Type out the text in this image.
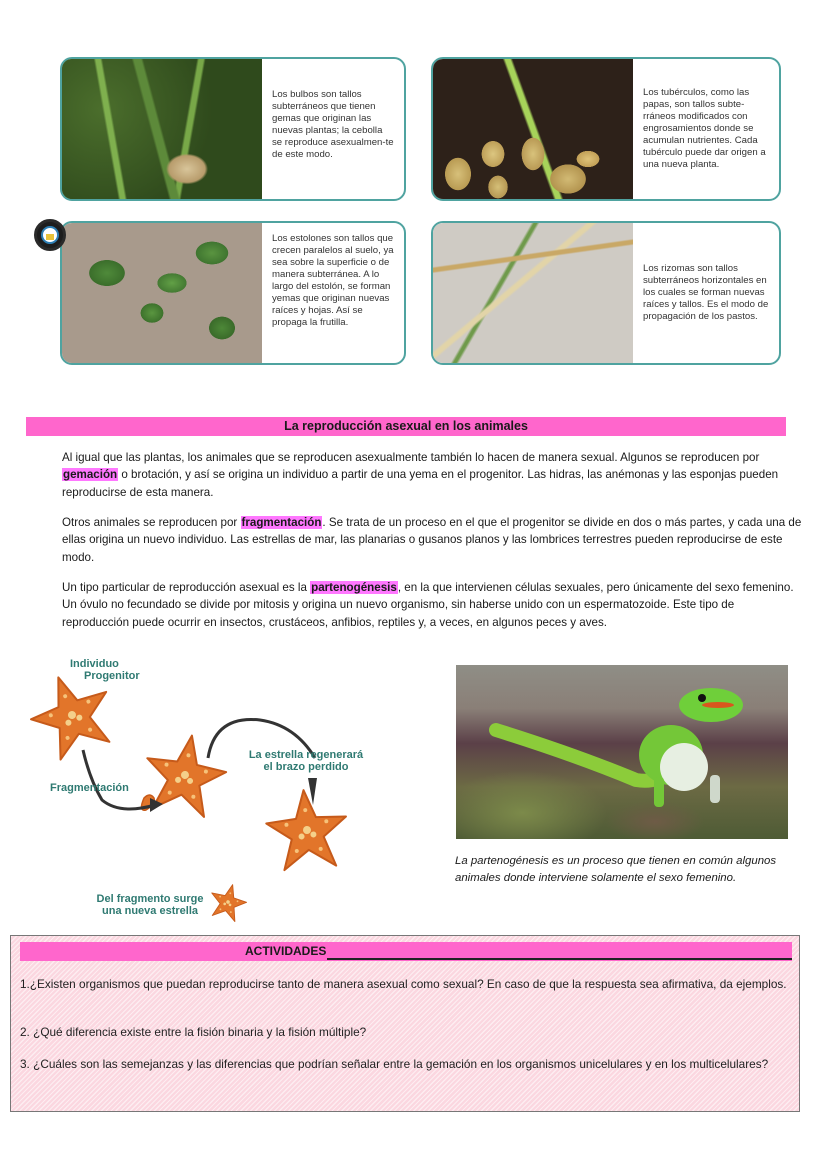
Los bulbos son tallos subterráneos que tienen gemas que originan las nuevas plantas; la cebolla se reproduce asexualmen-te de este modo.
Los tubérculos, como las papas, son tallos subte-rráneos modificados con engrosamientos donde se acumulan nutrientes. Cada tubérculo puede dar origen a una nueva planta.
Los estolones son tallos que crecen paralelos al suelo, ya sea sobre la superficie o de manera subterránea. A lo largo del estolón, se forman yemas que originan nuevas raíces y hojas. Así se propaga la frutilla.
Los rizomas son tallos subterráneos horizontales en los cuales se forman nuevas raíces y tallos. Es el modo de propagación de los pastos.
La reproducción asexual en los animales

Al igual que las plantas, los animales que se reproducen asexualmente también lo hacen de manera sexual. Algunos se reproducen por gemación o brotación, y así se origina un individuo a partir de una yema en el progenitor. Las hidras, las anémonas y las esponjas pueden reproducirse de esta manera.

Otros animales se reproducen por fragmentación. Se trata de un proceso en el que el progenitor se divide en dos o más partes, y cada una de ellas origina un nuevo individuo. Las estrellas de mar, las planarias o gusanos planos y las lombrices terrestres pueden reproducirse de este modo.

Un tipo particular de reproducción asexual es la partenogénesis, en la que intervienen células sexuales, pero únicamente del sexo femenino. Un óvulo no fecundado se divide por mitosis y origina un nuevo organismo, sin haberse unido con un espermatozoide. Este tipo de reproducción puede ocurrir en insectos, crustáceos, anfibios, reptiles y, a veces, en algunos peces y aves.

Individuo
Progenitor
Fragmentación
La estrella regenerará
el brazo perdido
Del fragmento surge
una nueva estrella
La partenogénesis es un proceso que tienen en común algunos animales donde interviene solamente el sexo femenino.
ACTIVIDADES
1.¿Existen organismos que puedan reproducirse tanto de manera asexual como sexual? En caso de que la respuesta sea afirmativa, da ejemplos.
2. ¿Qué diferencia existe entre la fisión binaria y la fisión múltiple?
3. ¿Cuáles son las semejanzas y las diferencias que podrían señalar entre la gemación en los organismos unicelulares y en los multicelulares?
